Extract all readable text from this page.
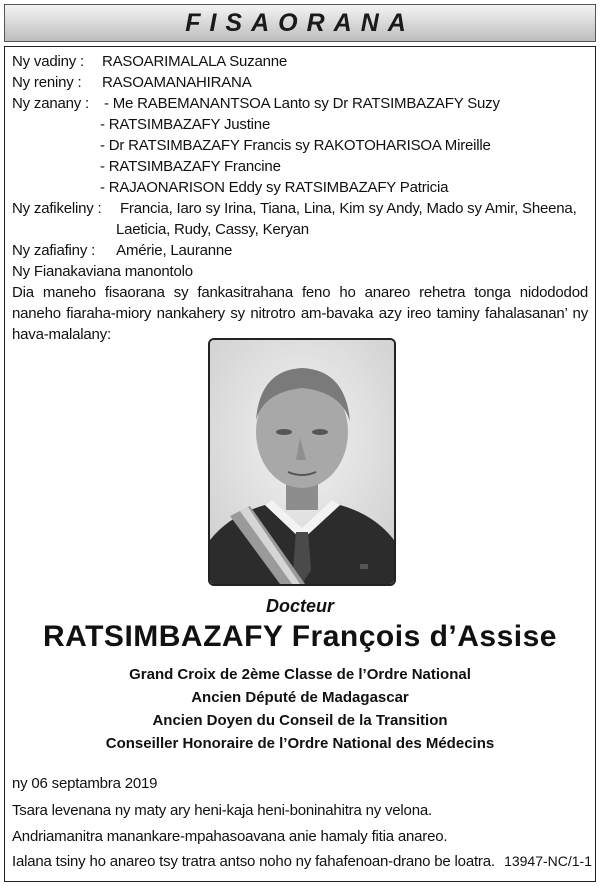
FISAORANA
Ny vadiny : RASOARIMALALA Suzanne
Ny reniny : RASOAMANAHIRANA
Ny zanany : - Me RABEMANANTSOA Lanto sy Dr RATSIMBAZAFY Suzy
- RATSIMBAZAFY Justine
- Dr RATSIMBAZAFY Francis sy RAKOTOHARISOA Mireille
- RATSIMBAZAFY Francine
- RAJAONARISON Eddy sy RATSIMBAZAFY Patricia
Ny zafikeliny : Francia, Iaro sy Irina, Tiana, Lina, Kim sy Andy, Mado sy Amir, Sheena,
Laeticia, Rudy, Cassy, Keryan
Ny zafiafiny : Amérie, Lauranne
Ny Fianakaviana manontolo
Dia maneho fisaorana sy fankasitrahana feno ho anareo rehetra tonga nidododod naneho fiaraha-miory nankahery sy nitrotro am-bavaka azy ireo taminy fahalasanan’ ny hava-malalany:
Docteur
RATSIMBAZAFY François d’Assise
Grand Croix de 2ème Classe de l’Ordre National
Ancien Député de Madagascar
Ancien Doyen du Conseil de la Transition
Conseiller Honoraire de l’Ordre National des Médecins
ny 06 septambra 2019
Tsara levenana ny maty ary heni-kaja heni-boninahitra ny velona.
Andriamanitra manankare-mpahasoavana anie hamaly fitia anareo.
Ialana tsiny ho anareo tsy tratra antso noho ny fahafenoan-drano be loatra. 13947-NC/1-1
